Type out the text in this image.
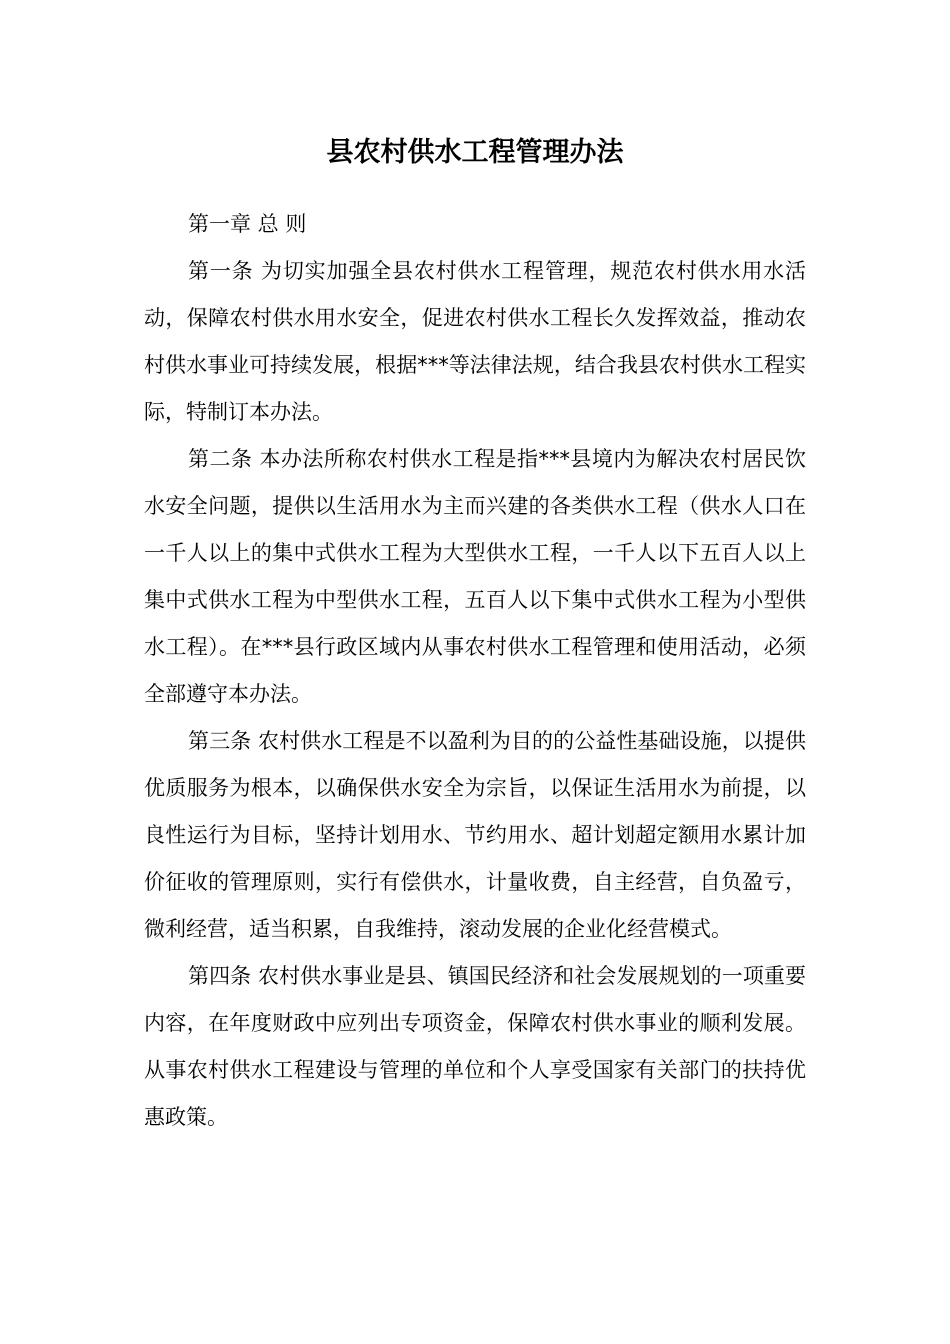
县农村供水工程管理办法

第一章 总 则

第一条 为切实加强全县农村供水工程管理，规范农村供水用水活动，保障农村供水用水安全，促进农村供水工程长久发挥效益，推动农村供水事业可持续发展，根据***等法律法规，结合我县农村供水工程实际，特制订本办法。

第二条 本办法所称农村供水工程是指***县境内为解决农村居民饮水安全问题，提供以生活用水为主而兴建的各类供水工程（供水人口在一千人以上的集中式供水工程为大型供水工程，一千人以下五百人以上集中式供水工程为中型供水工程，五百人以下集中式供水工程为小型供水工程）。在***县行政区域内从事农村供水工程管理和使用活动，必须全部遵守本办法。

第三条 农村供水工程是不以盈利为目的的公益性基础设施，以提供优质服务为根本，以确保供水安全为宗旨，以保证生活用水为前提，以良性运行为目标，坚持计划用水、节约用水、超计划超定额用水累计加价征收的管理原则，实行有偿供水，计量收费，自主经营，自负盈亏，微利经营，适当积累，自我维持，滚动发展的企业化经营模式。

第四条 农村供水事业是县、镇国民经济和社会发展规划的一项重要内容，在年度财政中应列出专项资金，保障农村供水事业的顺利发展。从事农村供水工程建设与管理的单位和个人享受国家有关部门的扶持优惠政策。
